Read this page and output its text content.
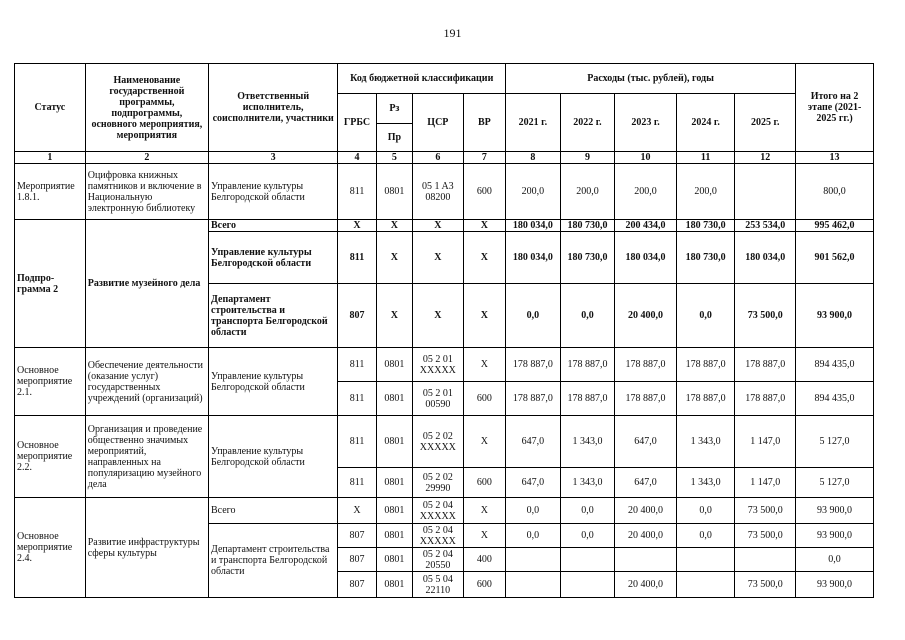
191
Статус	Наименование государственной программы, подпрограммы, основного мероприятия, мероприятия	Ответственный исполнитель, соисполнители, участники	Код бюджетной классификации				Расходы (тыс. рублей), годы					Итого на 2 этапе (2021-2025 гг.)
			ГРБС	Рз	ЦСР	ВР	2021 г.	2022 г.	2023 г.	2024 г.	2025 г.	
				Пр								
1	2	3	4	5	6	7	8	9	10	11	12	13
Мероприятие 1.8.1.	Оцифровка книжных памятников и включение в Национальную электронную библиотеку	Управление культуры Белгородской области	811	0801	05 1 A3 08200	600	200,0	200,0	200,0	200,0		800,0
Подпро-грамма 2	Развитие музейного дела	Всего	Х	Х	Х	Х	180 034,0	180 730,0	200 434,0	180 730,0	253 534,0	995 462,0
		Управление культуры Белгородской области	811	Х	Х	Х	180 034,0	180 730,0	180 034,0	180 730,0	180 034,0	901 562,0
		Департамент строительства и транспорта Белгородской области	807	Х	Х	Х	0,0	0,0	20 400,0	0,0	73 500,0	93 900,0
Основное мероприятие 2.1.	Обеспечение деятельности (оказание услуг) государственных учреждений (организаций)	Управление культуры Белгородской области	811	0801	05 2 01 XXXXX	Х	178 887,0	178 887,0	178 887,0	178 887,0	178 887,0	894 435,0
			811	0801	05 2 01 00590	600	178 887,0	178 887,0	178 887,0	178 887,0	178 887,0	894 435,0
Основное мероприятие 2.2.	Организация и проведение общественно значимых мероприятий, направленных на популяризацию музейного дела	Управление культуры Белгородской области	811	0801	05 2 02 XXXXX	Х	647,0	1 343,0	647,0	1 343,0	1 147,0	5 127,0
			811	0801	05 2 02 29990	600	647,0	1 343,0	647,0	1 343,0	1 147,0	5 127,0
Основное мероприятие 2.4.	Развитие инфраструктуры сферы культуры	Всего	Х	0801	05 2 04 XXXXX	Х	0,0	0,0	20 400,0	0,0	73 500,0	93 900,0
		Департамент строительства и транспорта Белгородской области	807	0801	05 2 04 XXXXX	Х	0,0	0,0	20 400,0	0,0	73 500,0	93 900,0
			807	0801	05 2 04 20550	400						0,0
			807	0801	05 5 04 22110	600			20 400,0		73 500,0	93 900,0
